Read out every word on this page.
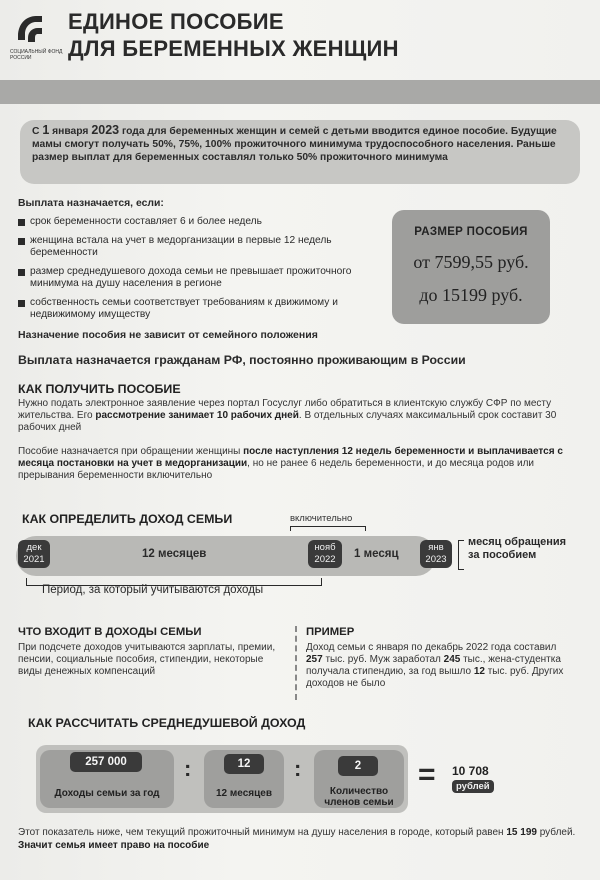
СОЦИАЛЬНЫЙ ФОНД РОССИИ
ЕДИНОЕ ПОСОБИЕ
ДЛЯ БЕРЕМЕННЫХ ЖЕНЩИН
С 1 января 2023 года для беременных женщин и семей с детьми вводится единое пособие. Будущие мамы смогут получать 50%, 75%, 100% прожиточного минимума трудоспособного населения. Раньше размер выплат для беременных составлял только 50% прожиточного минимума
Выплата назначается, если:
срок беременности составляет 6 и более недель
женщина встала на учет в медорганизации в первые 12 недель беременности
размер среднедушевого дохода семьи не превышает прожиточного минимума на душу населения в регионе
собственность семьи соответствует требованиям к движимому и недвижимому имуществу
Назначение пособия не зависит от семейного положения
РАЗМЕР ПОСОБИЯ
от 7599,55 руб.
до 15199 руб.
Выплата назначается гражданам РФ, постоянно проживающим в России
КАК ПОЛУЧИТЬ ПОСОБИЕ
Нужно подать электронное заявление через портал Госуслуг либо обратиться в клиентскую службу СФР по месту жительства. Его рассмотрение занимает 10 рабочих дней. В отдельных случаях максимальный срок составит 30 рабочих дней
Пособие назначается при обращении женщины после наступления 12 недель беременности и выплачивается с месяца постановки на учет в медорганизации, но не ранее 6 недель беременности, и до месяца родов или прерывания беременности включительно
КАК ОПРЕДЕЛИТЬ ДОХОД СЕМЬИ	включительно
дек
2021	12 месяцев
нояб
2022 1 месяц
янв
2023
месяц обращения за пособием
Период, за который учитываются доходы
ЧТО ВХОДИТ В ДОХОДЫ СЕМЬИ
При подсчете доходов учитываются зарплаты, премии, пенсии, социальные пособия, стипендии, некоторые виды денежных компенсаций
ПРИМЕР
Доход семьи с января по декабрь 2022 года составил 257 тыс. руб. Муж заработал 245 тыс., жена-студентка получала стипендию, за год вышло 12 тыс. руб. Других доходов не было
КАК РАССЧИТАТЬ СРЕДНЕДУШЕВОЙ ДОХОД
257 000
Доходы семьи за год
:	12
12 месяцев
:	2
Количество членов семьи
= 10 708
рублей
Этот показатель ниже, чем текущий прожиточный минимум на душу населения в городе, который равен 15 199 рублей. Значит семья имеет право на пособие
